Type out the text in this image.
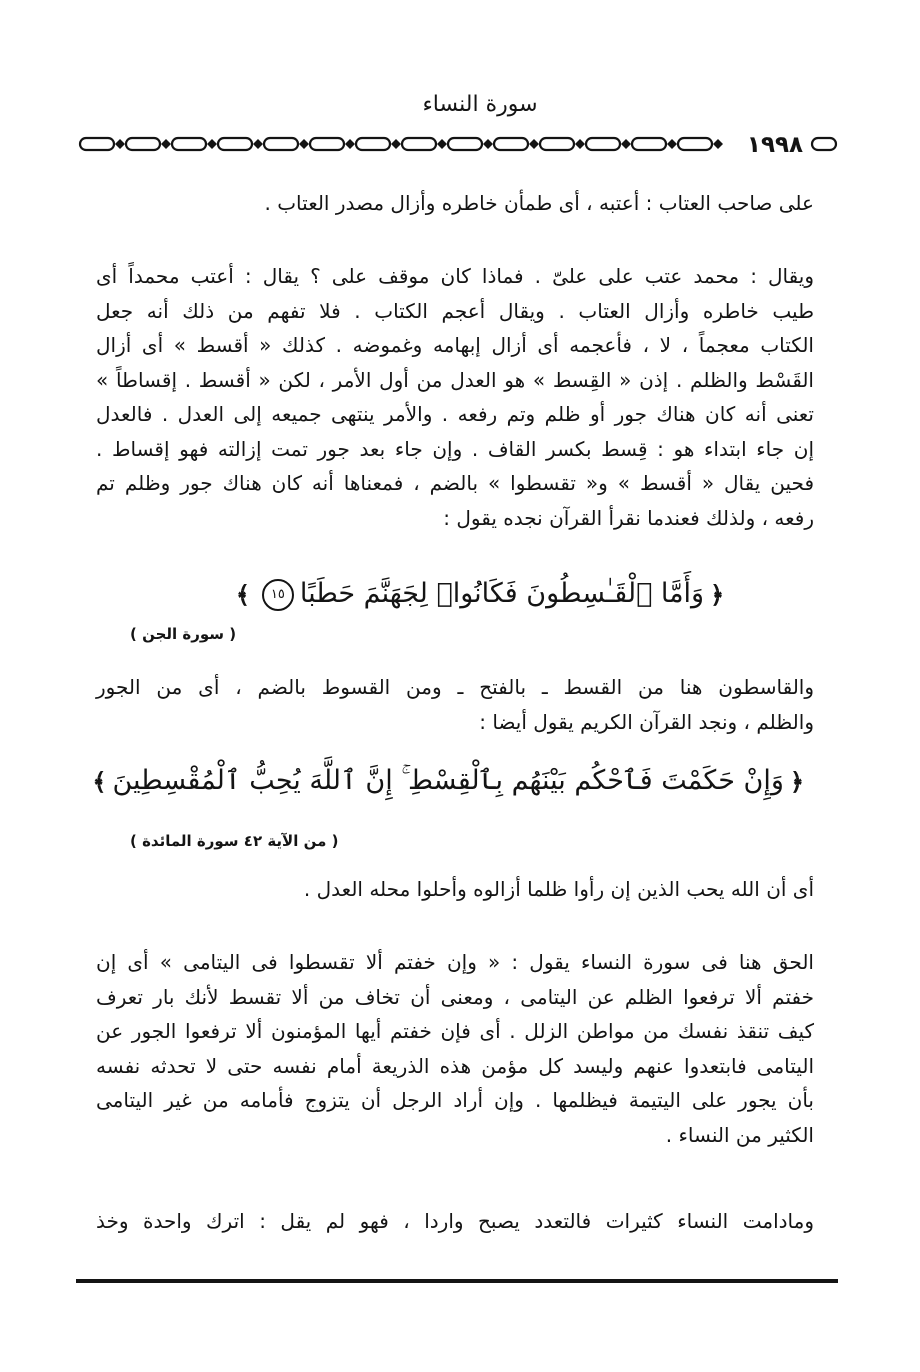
سورة النساء
١٩٩٨
على صاحب العتاب : أعتبه ، أى طمأن خاطره وأزال مصدر العتاب .
ويقال : محمد عتب على علىّ . فماذا كان موقف على ؟ يقال : أعتب محمداً أى
طيب خاطره وأزال العتاب . ويقال أعجم الكتاب . فلا تفهم من ذلك أنه جعل
الكتاب معجماً ، لا ، فأعجمه أى أزال إبهامه وغموضه . كذلك « أقسط » أى أزال
القَسْط والظلم . إذن « القِسط » هو العدل من أول الأمر ، لكن « أقسط . إقساطاً »
تعنى أنه كان هناك جور أو ظلم وتم رفعه . والأمر ينتهى جميعه إلى العدل . فالعدل
إن جاء ابتداء هو : قِسط بكسر القاف . وإن جاء بعد جور تمت إزالته فهو إقساط .
فحين يقال « أقسط » و« تقسطوا » بالضم ، فمعناها أنه كان هناك جور وظلم تم
رفعه ، ولذلك فعندما نقرأ القرآن نجده يقول :
﴿وَأَمَّا ٱلْقَـٰسِطُونَ فَكَانُوا۟ لِجَهَنَّمَ حَطَبًا١٥﴾
( سورة الجن )
والقاسطون هنا من القسط ـ بالفتح ـ ومن القسوط بالضم ، أى من الجور
والظلم ، ونجد القرآن الكريم يقول أيضا :
﴿وَإِنْ حَكَمْتَ فَٱحْكُم بَيْنَهُم بِٱلْقِسْطِ ۚ إِنَّ ٱللَّهَ يُحِبُّ ٱلْمُقْسِطِينَ﴾
( من الآية ٤٢ سورة المائدة )
أى أن الله يحب الذين إن رأوا ظلما أزالوه وأحلوا محله العدل .
الحق هنا فى سورة النساء يقول : « وإن خفتم ألا تقسطوا فى اليتامى » أى إن
خفتم ألا ترفعوا الظلم عن اليتامى ، ومعنى أن تخاف من ألا تقسط لأنك بار تعرف
كيف تنقذ نفسك من مواطن الزلل . أى فإن خفتم أيها المؤمنون ألا ترفعوا الجور عن
اليتامى فابتعدوا عنهم وليسد كل مؤمن هذه الذريعة أمام نفسه حتى لا تحدثه نفسه
بأن يجور على اليتيمة فيظلمها . وإن أراد الرجل أن يتزوج فأمامه من غير اليتامى
الكثير من النساء .
ومادامت النساء كثيرات فالتعدد يصبح واردا ، فهو لم يقل : اترك واحدة وخذ
